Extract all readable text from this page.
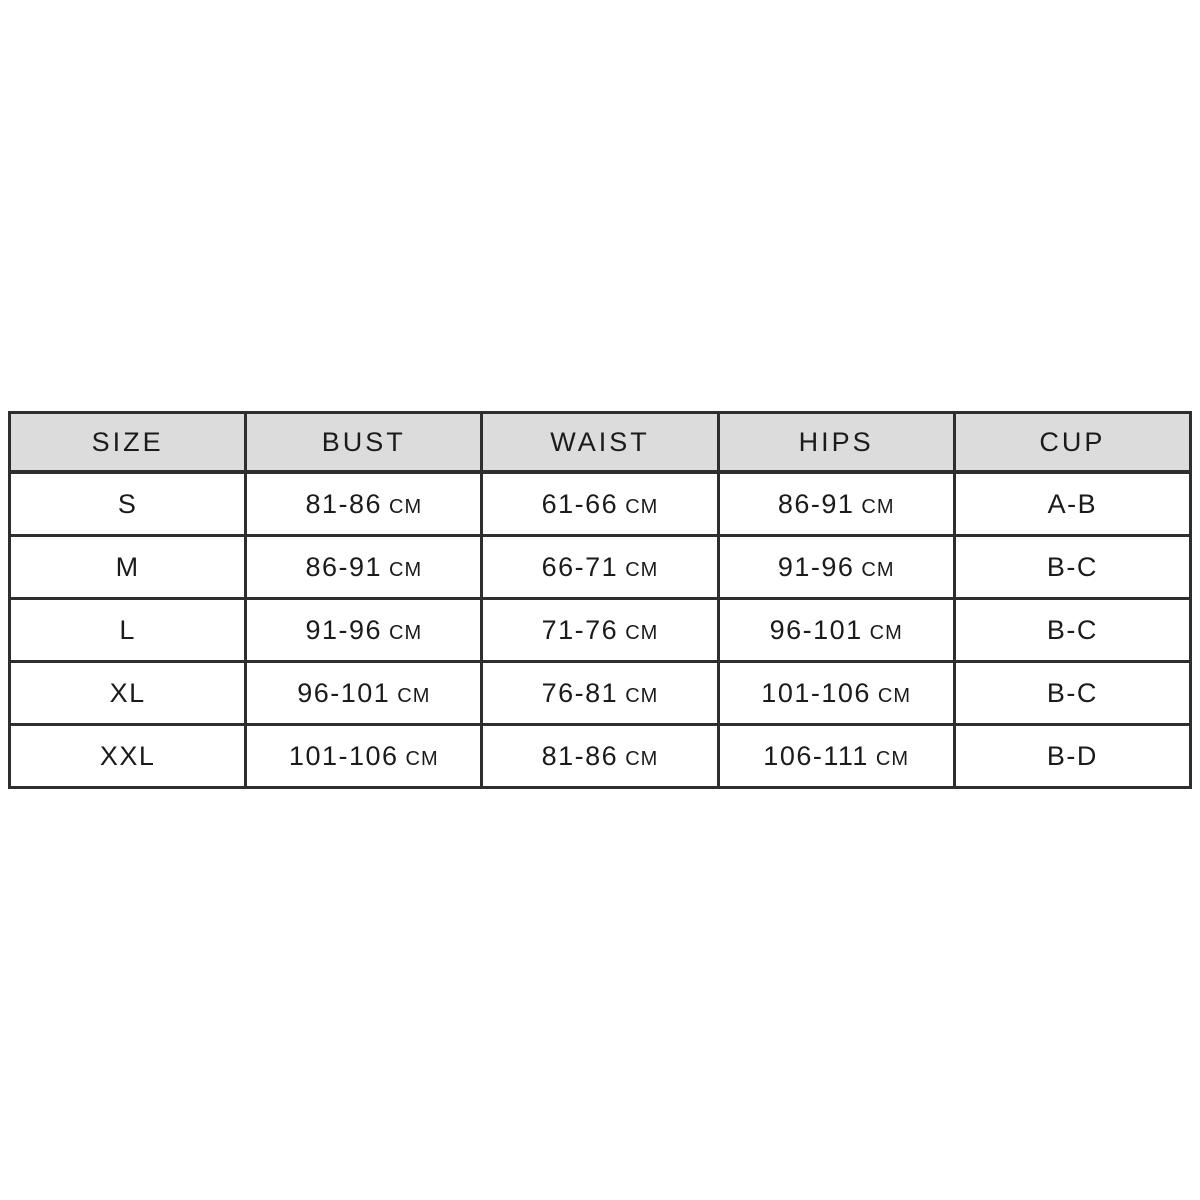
SIZE	BUST	WAIST	HIPS	CUP
S	81-86 CM	61-66 CM	86-91 CM	A-B
M	86-91 CM	66-71 CM	91-96 CM	B-C
L	91-96 CM	71-76 CM	96-101 CM	B-C
XL	96-101 CM	76-81 CM	101-106 CM	B-C
XXL	101-106 CM	81-86 CM	106-111 CM	B-D
